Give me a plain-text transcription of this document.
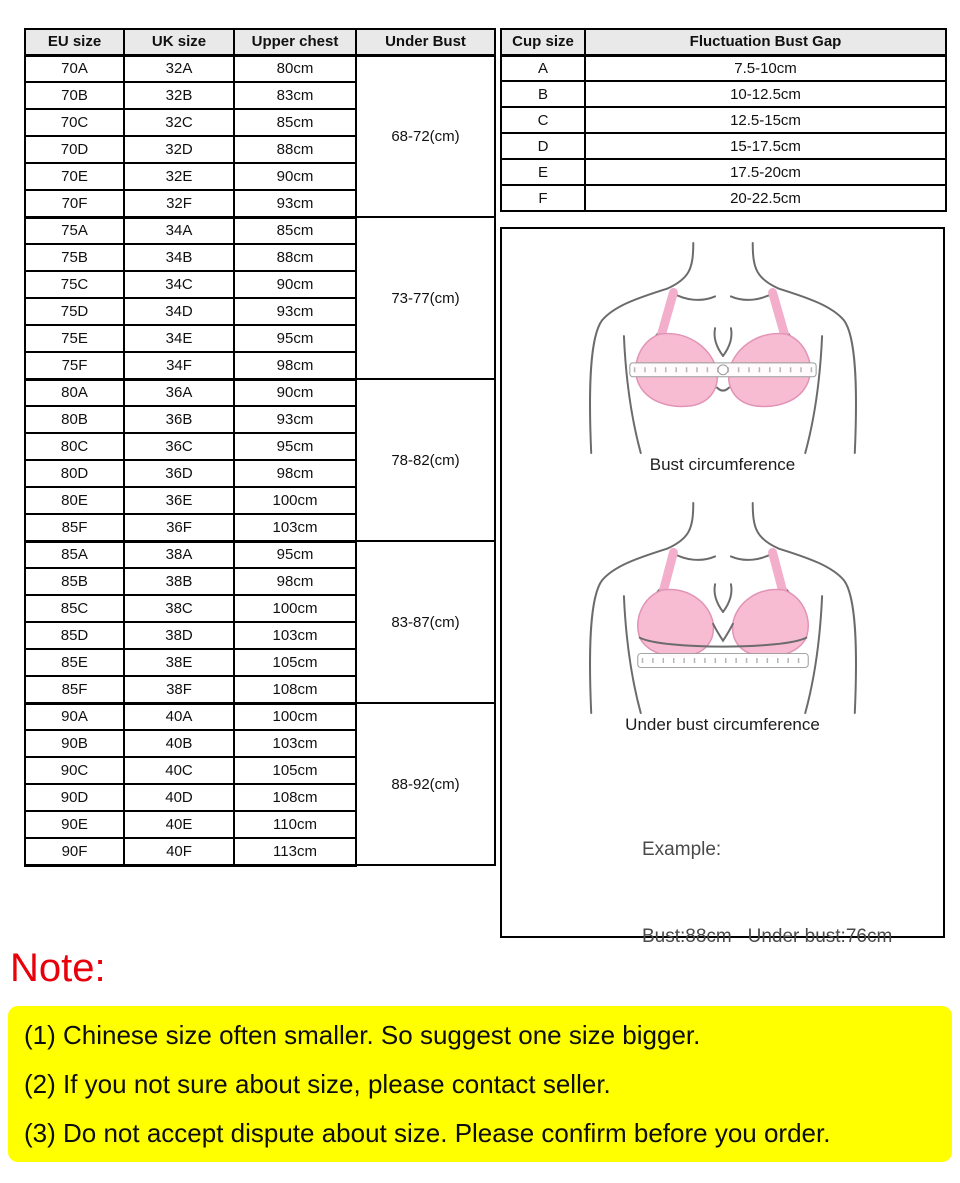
EU size	UK size	Upper chest	Under Bust
70A	32A	80cm	68-72(cm)
70B	32B	83cm	
70C	32C	85cm	
70D	32D	88cm	
70E	32E	90cm	
70F	32F	93cm	
75A	34A	85cm	73-77(cm)
75B	34B	88cm	
75C	34C	90cm	
75D	34D	93cm	
75E	34E	95cm	
75F	34F	98cm	
80A	36A	90cm	78-82(cm)
80B	36B	93cm	
80C	36C	95cm	
80D	36D	98cm	
80E	36E	100cm	
85F	36F	103cm	
85A	38A	95cm	83-87(cm)
85B	38B	98cm	
85C	38C	100cm	
85D	38D	103cm	
85E	38E	105cm	
85F	38F	108cm	
90A	40A	100cm	88-92(cm)
90B	40B	103cm	
90C	40C	105cm	
90D	40D	108cm	
90E	40E	110cm	
90F	40F	113cm	
Cup size	Fluctuation Bust Gap
A	7.5-10cm
B	10-12.5cm
C	12.5-15cm
D	15-17.5cm
E	17.5-20cm
F	20-22.5cm
Bust circumference
Under bust circumference

Example:

Bust:88cm   Under bust:76cm

Note:
(1) Chinese size often smaller. So suggest one size bigger.
(2) If you not sure about size, please contact seller.
(3) Do not accept dispute about size. Please confirm before you order.
